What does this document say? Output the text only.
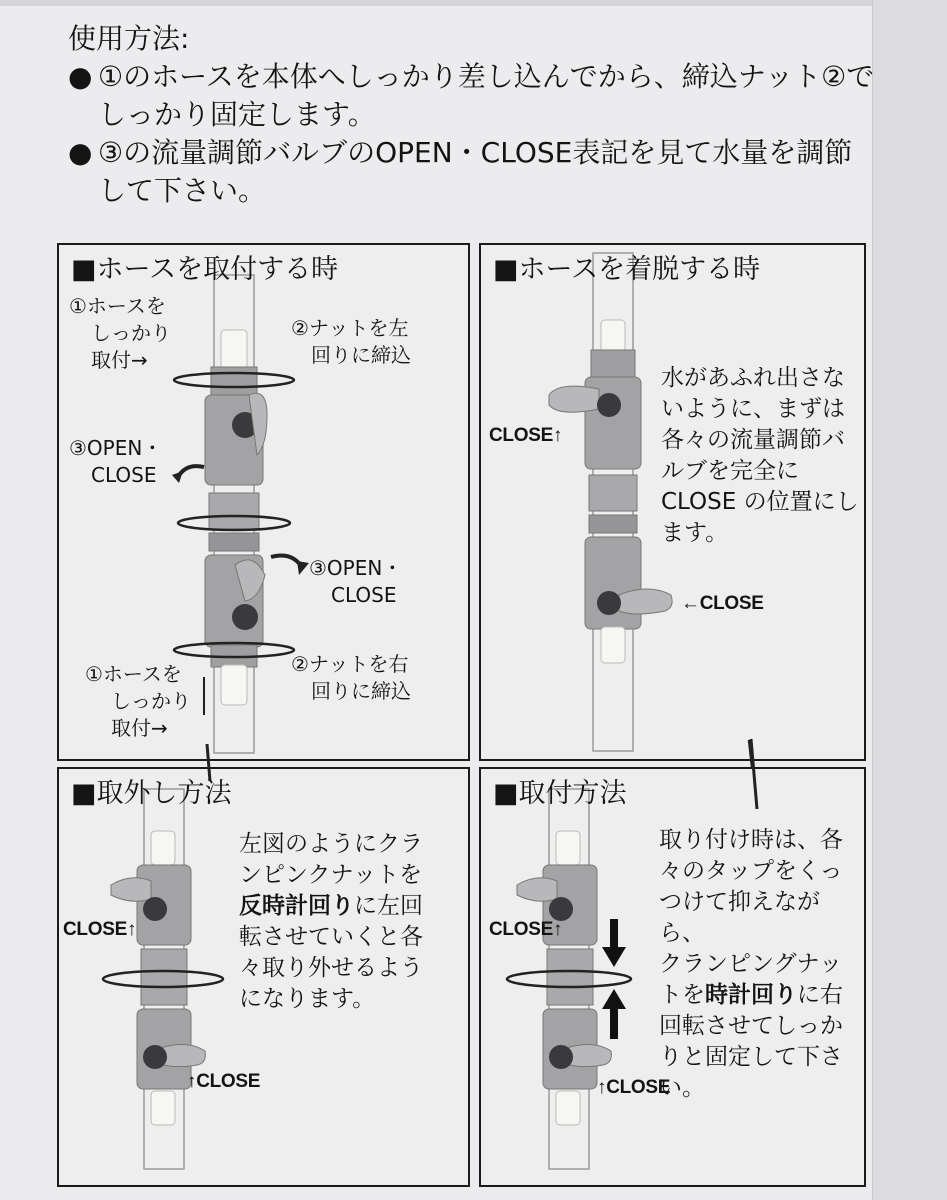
使用方法:

● ①のホースを本体へしっかり差し込んでから、締込ナット②で

しっかり固定します。

● ③の流量調節バルブのOPEN・CLOSE表記を見て水量を調節

して下さい。

■ホースを取付する時
①ホースを
しっかり
取付→
②ナットを左
回りに締込
③OPEN・
CLOSE
③OPEN・
CLOSE
①ホースを
しっかり
取付→
②ナットを右
回りに締込
■ホースを着脱する時
CLOSE↑
←CLOSE
水があふれ出さな
いように、まずは
各々の流量調節バ
ルブを完全に
CLOSE の位置にし
ます。
■取外し方法
CLOSE↑
↑CLOSE
左図のようにクラ
ンピンクナットを
反時計回りに左回
転させていくと各
々取り外せるよう
になります。
■取付方法
CLOSE↑
↑CLOSE
取り付け時は、各
々のタップをくっ
つけて抑えながら、
クランピングナッ
トを時計回りに右
回転させてしっか
りと固定して下さ
い。
